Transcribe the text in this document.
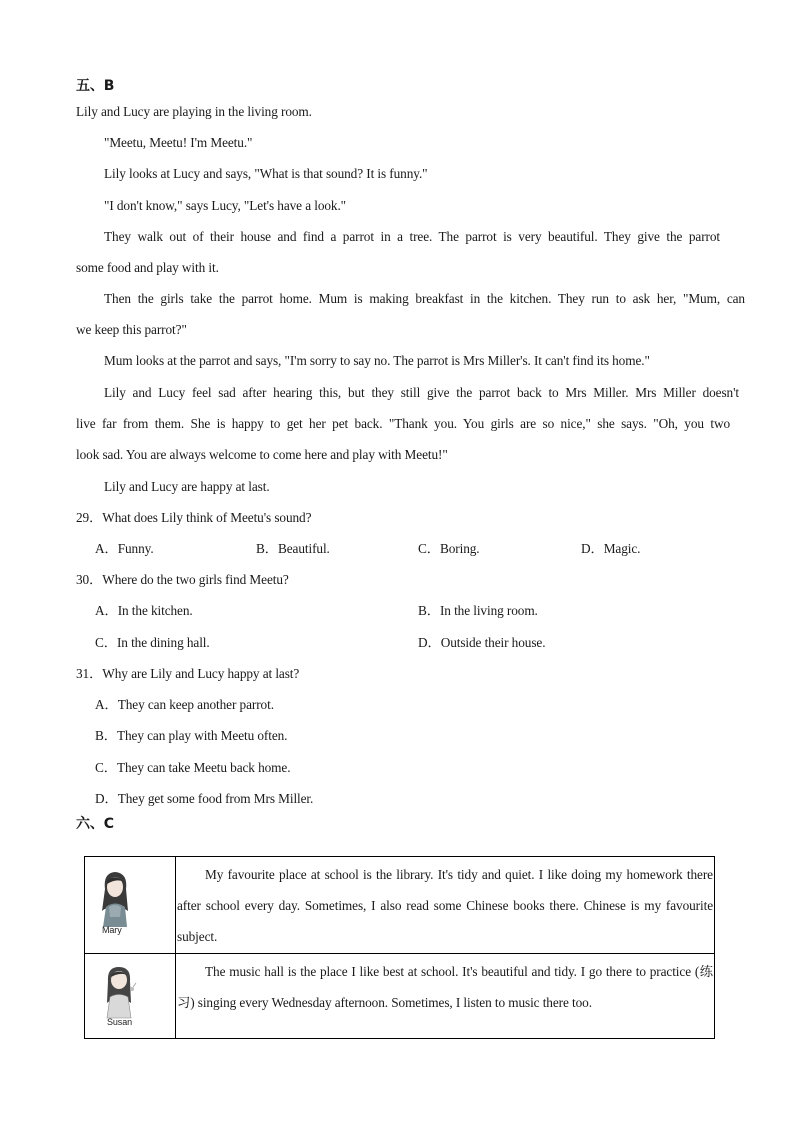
五、B
Lily and Lucy are playing in the living room.
"Meetu, Meetu! I'm Meetu."
Lily looks at Lucy and says, "What is that sound? It is funny."
"I don't know," says Lucy, "Let's have a look."
They walk out of their house and find a parrot in a tree. The parrot is very beautiful. They give the parrot
some food and play with it.
Then the girls take the parrot home. Mum is making breakfast in the kitchen. They run to ask her, "Mum, can
we keep this parrot?"
Mum looks at the parrot and says, "I'm sorry to say no. The parrot is Mrs Miller's. It can't find its home."
Lily and Lucy feel sad after hearing this, but they still give the parrot back to Mrs Miller. Mrs Miller doesn't
live far from them. She is happy to get her pet back. "Thank you. You girls are so nice," she says. "Oh, you two
look sad. You are always welcome to come here and play with Meetu!"
Lily and Lucy are happy at last.
29．What does Lily think of Meetu's sound?
A．Funny.	B．Beautiful.	C．Boring.	D．Magic.
30．Where do the two girls find Meetu?
A．In the kitchen.	B．In the living room.
C．In the dining hall.	D．Outside their house.
31．Why are Lily and Lucy happy at last?
A．They can keep another parrot.
B．They can play with Meetu often.
C．They can take Meetu back home.
D．They get some food from Mrs Miller.
六、C
Mary	My favourite place at school is the library. It's tidy and quiet. I like doing my homework there after school every day. Sometimes, I also read some Chinese books there. Chinese is my favourite subject.

Susan	The music hall is the place I like best at school. It's beautiful and tidy. I go there to practice (练习) singing every Wednesday afternoon. Sometimes, I listen to music there too.
